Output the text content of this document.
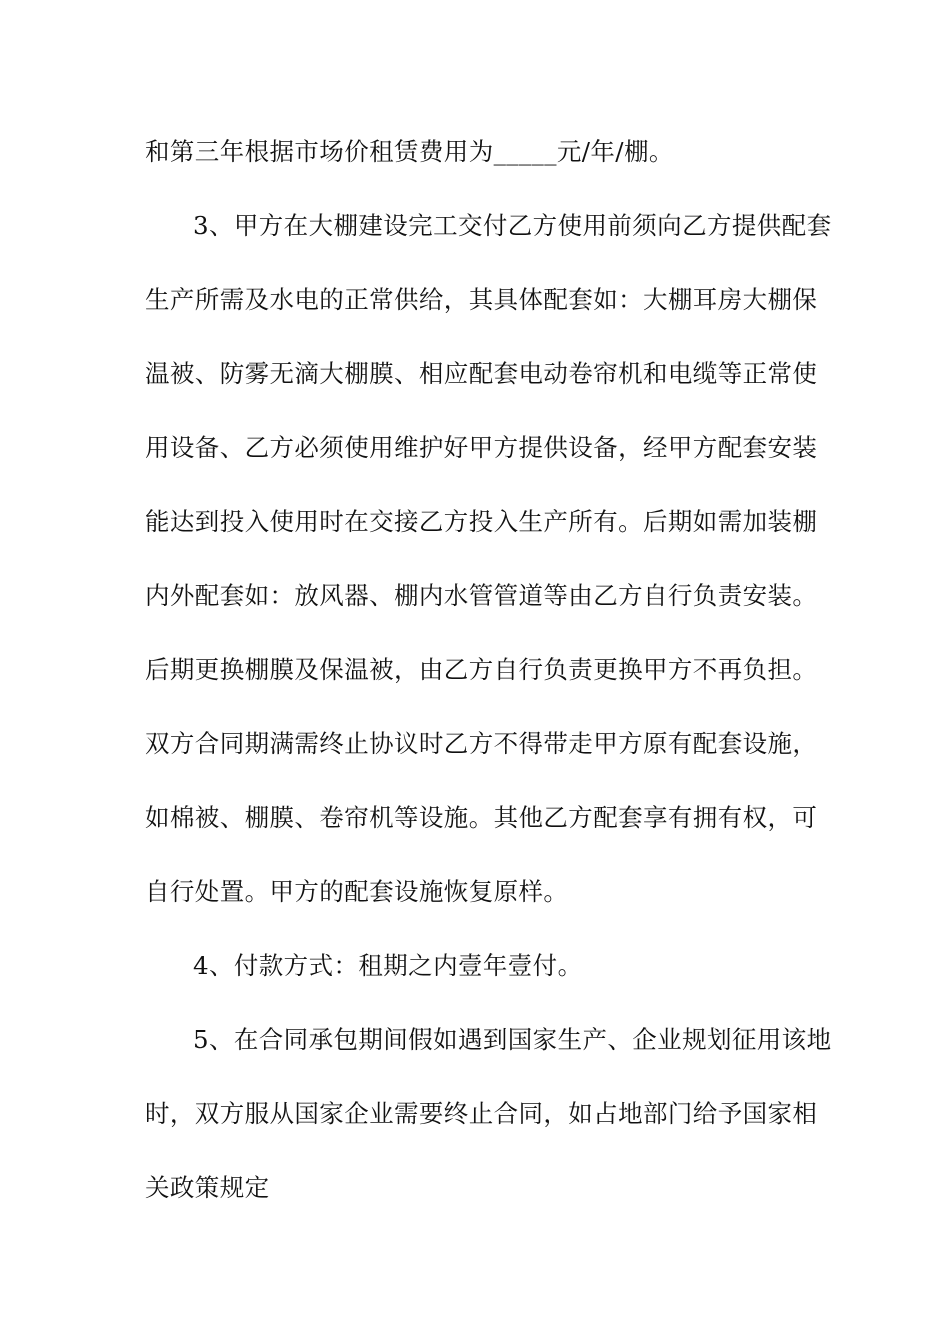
和第三年根据市场价租赁费用为_____元/年/棚。
3、甲方在大棚建设完工交付乙方使用前须向乙方提供配套
生产所需及水电的正常供给，其具体配套如：大棚耳房大棚保
温被、防雾无滴大棚膜、相应配套电动卷帘机和电缆等正常使
用设备、乙方必须使用维护好甲方提供设备，经甲方配套安装
能达到投入使用时在交接乙方投入生产所有。后期如需加装棚
内外配套如：放风器、棚内水管管道等由乙方自行负责安装。
后期更换棚膜及保温被，由乙方自行负责更换甲方不再负担。
双方合同期满需终止协议时乙方不得带走甲方原有配套设施，
如棉被、棚膜、卷帘机等设施。其他乙方配套享有拥有权，可
自行处置。甲方的配套设施恢复原样。
4、付款方式：租期之内壹年壹付。
5、在合同承包期间假如遇到国家生产、企业规划征用该地
时，双方服从国家企业需要终止合同，如占地部门给予国家相
关政策规定
